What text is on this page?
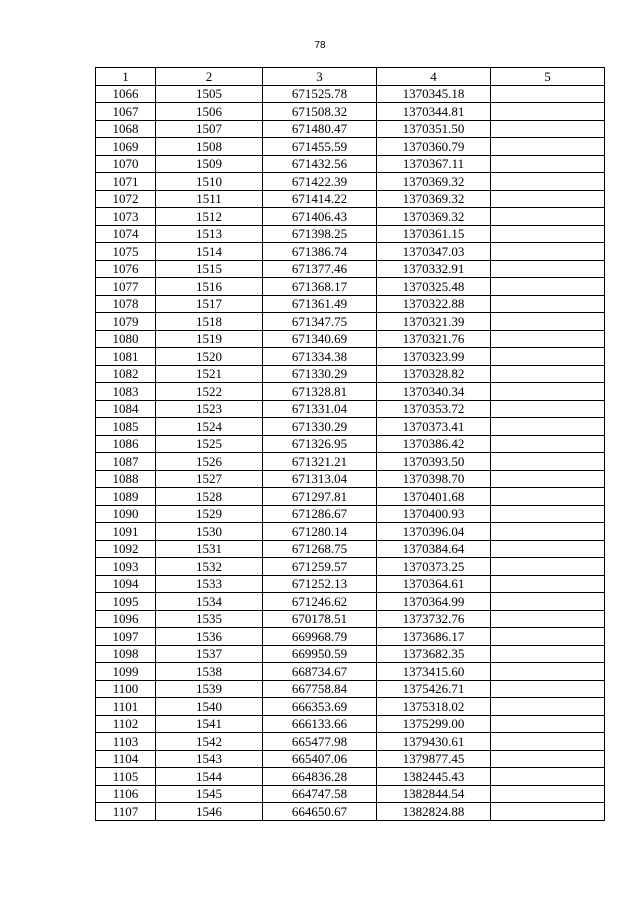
78
1	2	3	4	5
1066	1505	671525.78	1370345.18	
1067	1506	671508.32	1370344.81	
1068	1507	671480.47	1370351.50	
1069	1508	671455.59	1370360.79	
1070	1509	671432.56	1370367.11	
1071	1510	671422.39	1370369.32	
1072	1511	671414.22	1370369.32	
1073	1512	671406.43	1370369.32	
1074	1513	671398.25	1370361.15	
1075	1514	671386.74	1370347.03	
1076	1515	671377.46	1370332.91	
1077	1516	671368.17	1370325.48	
1078	1517	671361.49	1370322.88	
1079	1518	671347.75	1370321.39	
1080	1519	671340.69	1370321.76	
1081	1520	671334.38	1370323.99	
1082	1521	671330.29	1370328.82	
1083	1522	671328.81	1370340.34	
1084	1523	671331.04	1370353.72	
1085	1524	671330.29	1370373.41	
1086	1525	671326.95	1370386.42	
1087	1526	671321.21	1370393.50	
1088	1527	671313.04	1370398.70	
1089	1528	671297.81	1370401.68	
1090	1529	671286.67	1370400.93	
1091	1530	671280.14	1370396.04	
1092	1531	671268.75	1370384.64	
1093	1532	671259.57	1370373.25	
1094	1533	671252.13	1370364.61	
1095	1534	671246.62	1370364.99	
1096	1535	670178.51	1373732.76	
1097	1536	669968.79	1373686.17	
1098	1537	669950.59	1373682.35	
1099	1538	668734.67	1373415.60	
1100	1539	667758.84	1375426.71	
1101	1540	666353.69	1375318.02	
1102	1541	666133.66	1375299.00	
1103	1542	665477.98	1379430.61	
1104	1543	665407.06	1379877.45	
1105	1544	664836.28	1382445.43	
1106	1545	664747.58	1382844.54	
1107	1546	664650.67	1382824.88	
